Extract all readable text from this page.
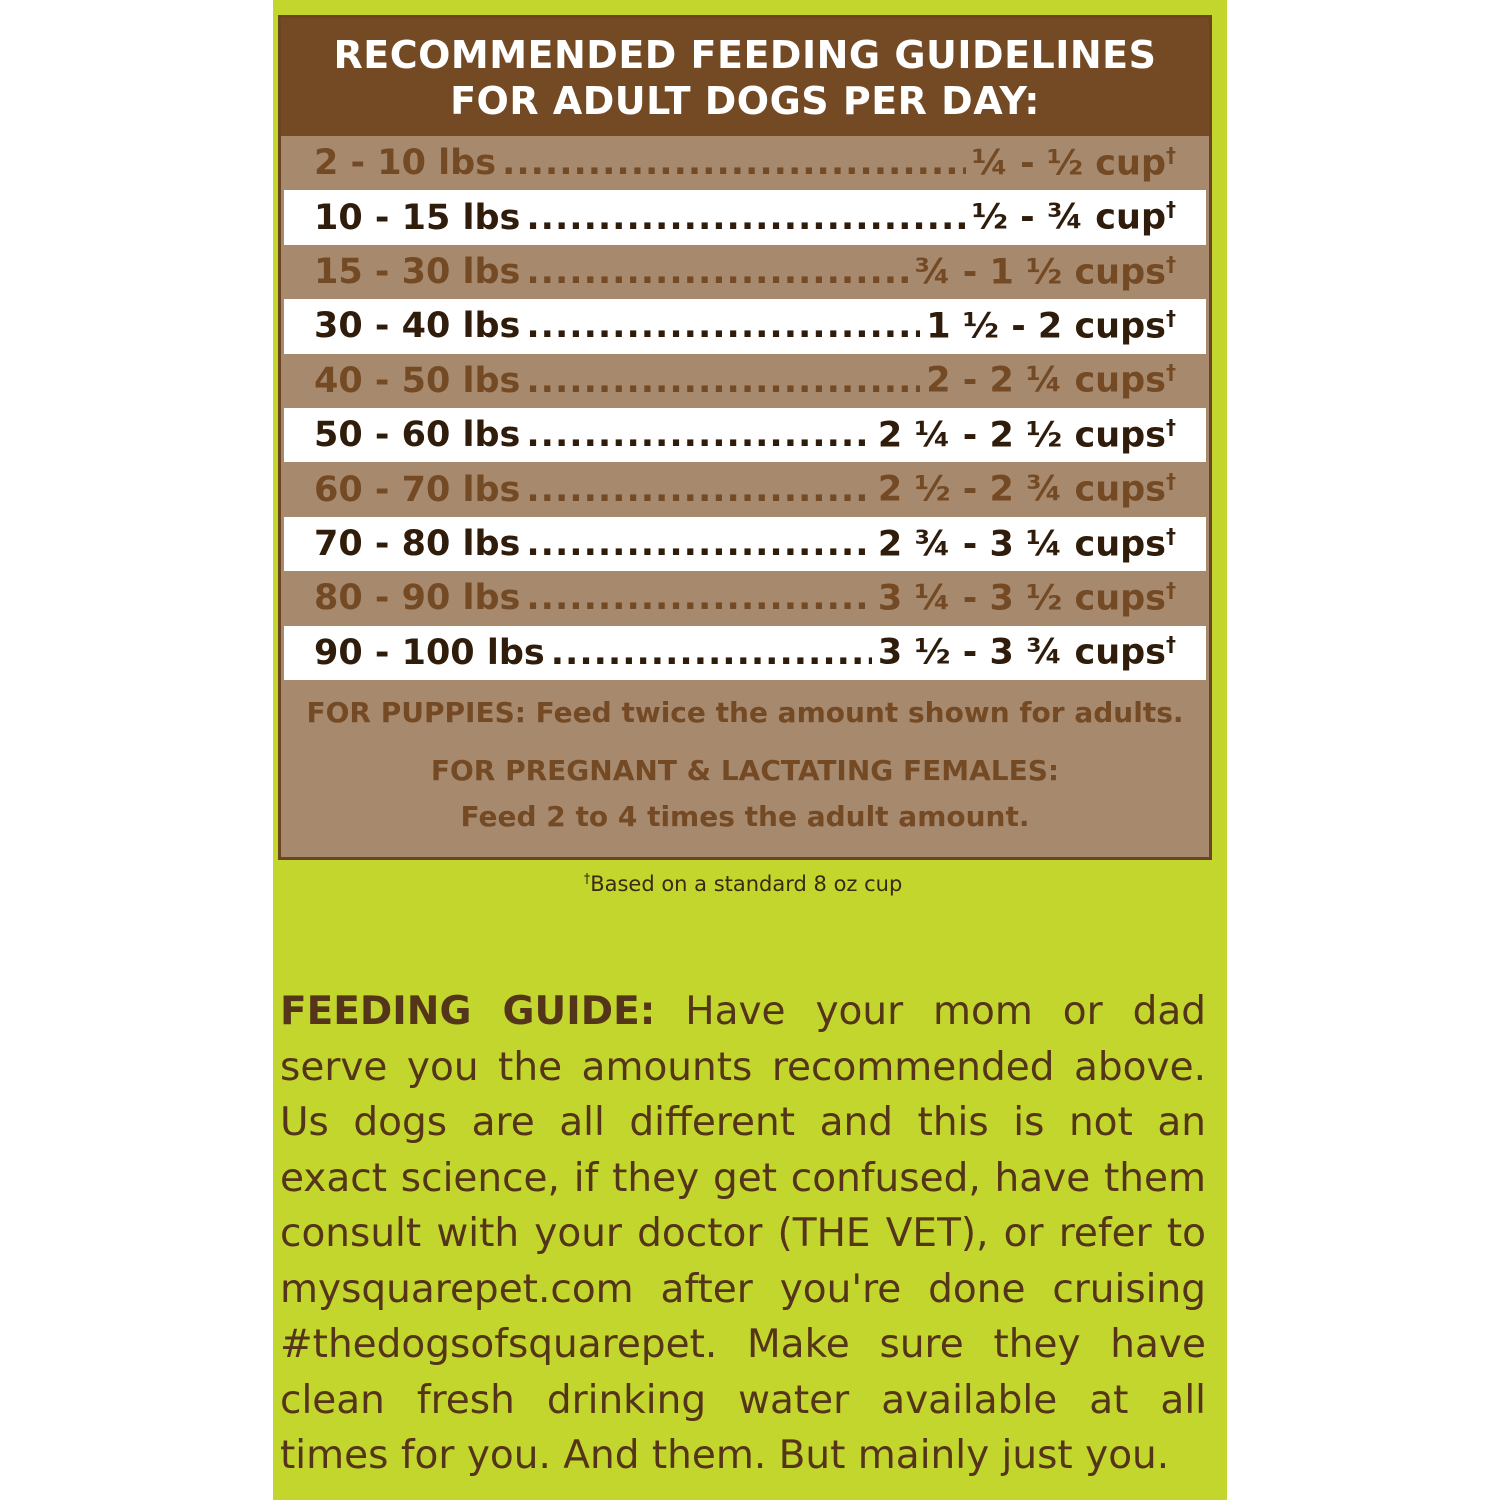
RECOMMENDED FEEDING GUIDELINES
FOR ADULT DOGS PER DAY:
2 - 10 lbs .....	¼ - ½ cup†
10 - 15 lbs .....	½ - ¾ cup†
15 - 30 lbs .....	¾ - 1 ½ cups†
30 - 40 lbs .....	1 ½ - 2 cups†
40 - 50 lbs .....	2 - 2 ¼ cups†
50 - 60 lbs .....	2 ¼ - 2 ½ cups†
60 - 70 lbs .....	2 ½ - 2 ¾ cups†
70 - 80 lbs .....	2 ¾ - 3 ¼ cups†
80 - 90 lbs .....	3 ¼ - 3 ½ cups†
90 - 100 lbs .....	3 ½ - 3 ¾ cups†
FOR PUPPIES: Feed twice the amount shown for adults.
FOR PREGNANT & LACTATING FEMALES:
Feed 2 to 4 times the adult amount.
†Based on a standard 8 oz cup
FEEDING GUIDE: Have your mom or dad serve you the amounts recommended above. Us dogs are all different and this is not an exact science, if they get confused, have them consult with your doctor (THE VET), or refer to mysquarepet.com after you're done cruising #thedogsofsquarepet. Make sure they have clean fresh drinking water available at all times for you. And them. But mainly just you.
